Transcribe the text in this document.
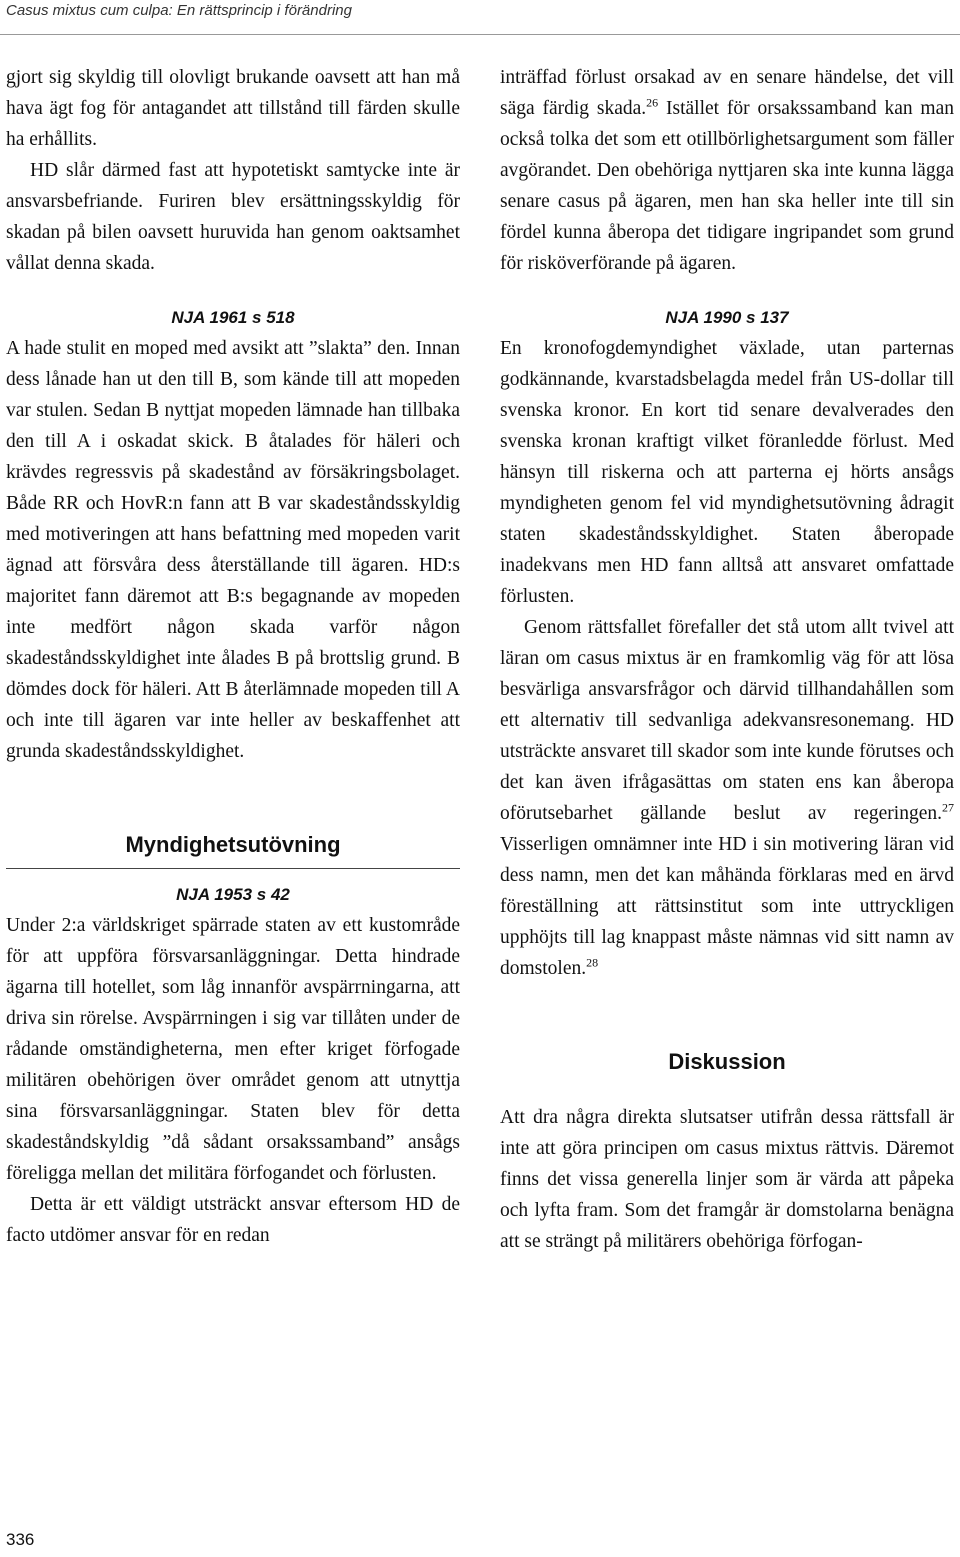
Casus mixtus cum culpa: En rättsprincip i förändring

gjort sig skyldig till olovligt brukande oavsett att han må hava ägt fog för antagandet att tillstånd till färden skulle ha erhållits.

HD slår därmed fast att hypotetiskt samtycke inte är ansvarsbefriande. Furiren blev ersättningsskyldig för skadan på bilen oavsett huruvida han genom oaktsamhet vållat denna skada.

NJA 1961 s 518

A hade stulit en moped med avsikt att ”slakta” den. Innan dess lånade han ut den till B, som kände till att mopeden var stulen. Sedan B nyttjat mopeden lämnade han tillbaka den till A i oskadat skick. B åtalades för häleri och krävdes regressvis på skadestånd av försäkringsbolaget. Både RR och HovR:n fann att B var skadeståndsskyldig med motiveringen att hans befattning med mopeden varit ägnad att försvåra dess återställande till ägaren. HD:s majoritet fann däremot att B:s begagnande av mopeden inte medfört någon skada varför någon skadeståndsskyldighet inte ålades B på brottslig grund. B dömdes dock för häleri. Att B återlämnade mopeden till A och inte till ägaren var inte heller av beskaffenhet att grunda skadeståndsskyldighet.

Myndighetsutövning

NJA 1953 s 42

Under 2:a världskriget spärrade staten av ett kustområde för att uppföra försvarsanläggningar. Detta hindrade ägarna till hotellet, som låg innanför avspärrningarna, att driva sin rörelse. Avspärrningen i sig var tillåten under de rådande omständigheterna, men efter kriget förfogade militären obehörigen över området genom att utnyttja sina försvarsanläggningar. Staten blev för detta skadeståndskyldig ”då sådant orsakssamband” ansågs föreligga mellan det militära förfogandet och förlusten.

Detta är ett väldigt utsträckt ansvar eftersom HD de facto utdömer ansvar för en redan

inträffad förlust orsakad av en senare händelse, det vill säga färdig skada.$^{26}$ Istället för orsakssamband kan man också tolka det som ett otillbörlighetsargument som fäller avgörandet. Den obehöriga nyttjaren ska inte kunna lägga senare casus på ägaren, men han ska heller inte till sin fördel kunna åberopa det tidigare ingripandet som grund för risköverförande på ägaren.

NJA 1990 s 137

En kronofogdemyndighet växlade, utan parternas godkännande, kvarstadsbelagda medel från US-dollar till svenska kronor. En kort tid senare devalverades den svenska kronan kraftigt vilket föranledde förlust. Med hänsyn till riskerna och att parterna ej hörts ansågs myndigheten genom fel vid myndighetsutövning ådragit staten skadeståndsskyldighet. Staten åberopade inadekvans men HD fann alltså att ansvaret omfattade förlusten.

Genom rättsfallet förefaller det stå utom allt tvivel att läran om casus mixtus är en framkomlig väg för att lösa besvärliga ansvarsfrågor och därvid tillhandahållen som ett alternativ till sedvanliga adekvansresonemang. HD utsträckte ansvaret till skador som inte kunde förutses och det kan även ifrågasättas om staten ens kan åberopa oförutsebarhet gällande beslut av regeringen.$^{27}$ Visserligen omnämner inte HD i sin motivering läran vid dess namn, men det kan måhända förklaras med en ärvd föreställning att rättsinstitut som inte uttryckligen upphöjts till lag knappast måste nämnas vid sitt namn av domstolen.$^{28}$

Diskussion

Att dra några direkta slutsatser utifrån dessa rättsfall är inte att göra principen om casus mixtus rättvis. Däremot finns det vissa generella linjer som är värda att påpeka och lyfta fram. Som det framgår är domstolarna benägna att se strängt på militärers obehöriga förfogan-

336
